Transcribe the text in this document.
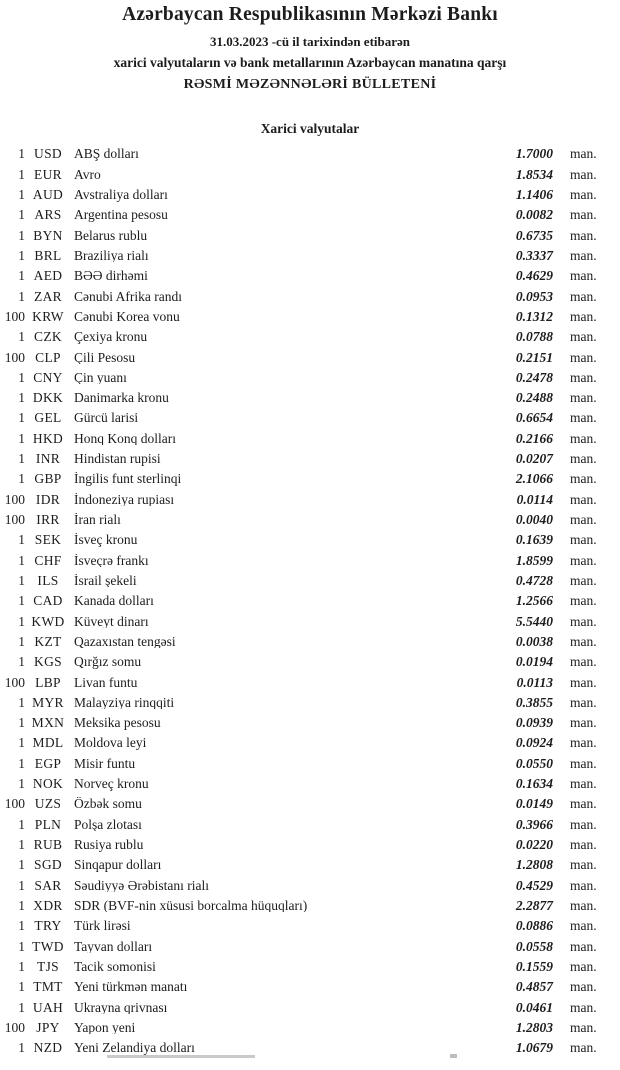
Azərbaycan Respublikasının Mərkəzi Bankı
31.03.2023 -cü il tarixindən etibarən
xarici valyutaların və bank metallarının Azərbaycan manatına qarşı
RƏSMİ MƏZƏNNƏLƏRİ BÜLLETENİ
Xarici valyutalar
1 USD ABŞ dolları	1.7000	man.
1 EUR Avro	1.8534	man.
1 AUD Avstraliya dolları	1.1406	man.
1 ARS Argentina pesosu	0.0082	man.
1 BYN Belarus rublu	0.6735	man.
1 BRL Braziliya rialı	0.3337	man.
1 AED BƏƏ dirhəmi	0.4629	man.
1 ZAR Cənubi Afrika randı	0.0953	man.
100 KRW Cənubi Korea vonu	0.1312	man.
1 CZK Çexiya kronu	0.0788	man.
100 CLP Çili Pesosu	0.2151	man.
1 CNY Çin yuanı	0.2478	man.
1 DKK Danimarka kronu	0.2488	man.
1 GEL Gürcü larisi	0.6654	man.
1 HKD Honq Konq dolları	0.2166	man.
1 INR	Hindistan rupisi	0.0207	man.
1 GBP İngilis funt sterlinqi	2.1066	man.
100 IDR	İndoneziya rupiası	0.0114	man.
100 IRR	İran rialı	0.0040	man.
1 SEK İsveç kronu	0.1639	man.
1 CHF İsveçrə frankı	1.8599	man.
1 ILS	İsrail şekeli	0.4728	man.
1 CAD Kanada dolları	1.2566	man.
1 KWD Küveyt dinarı	5.5440	man.
1 KZT Qazaxıstan tengəsi	0.0038	man.
1 KGS Qırğız somu	0.0194	man.
100 LBP Livan funtu	0.0113	man.
1 MYR Malayziya rinqqiti	0.3855	man.
1 MXN Meksika pesosu	0.0939	man.
1 MDL Moldova leyi	0.0924	man.
1 EGP Misir funtu	0.0550	man.
1 NOK Norveç kronu	0.1634	man.
100 UZS Özbək somu	0.0149	man.
1 PLN Polşa zlotası	0.3966	man.
1 RUB Rusiya rublu	0.0220	man.
1 SGD Sinqapur dolları	1.2808	man.
1 SAR Səudiyyə Ərəbistanı rialı	0.4529	man.
1 XDR SDR (BVF-nin xüsusi borcalma hüquqları)	2.2877	man.
1 TRY Türk lirəsi	0.0886	man.
1 TWD Tayvan dolları	0.0558	man.
1 TJS	Tacik somonisi	0.1559	man.
1 TMT Yeni türkmən manatı	0.4857	man.
1 UAH Ukrayna qrivnası	0.0461	man.
100 JPY	Yapon yeni	1.2803	man.
1 NZD Yeni Zelandiya dolları	1.0679	man.
